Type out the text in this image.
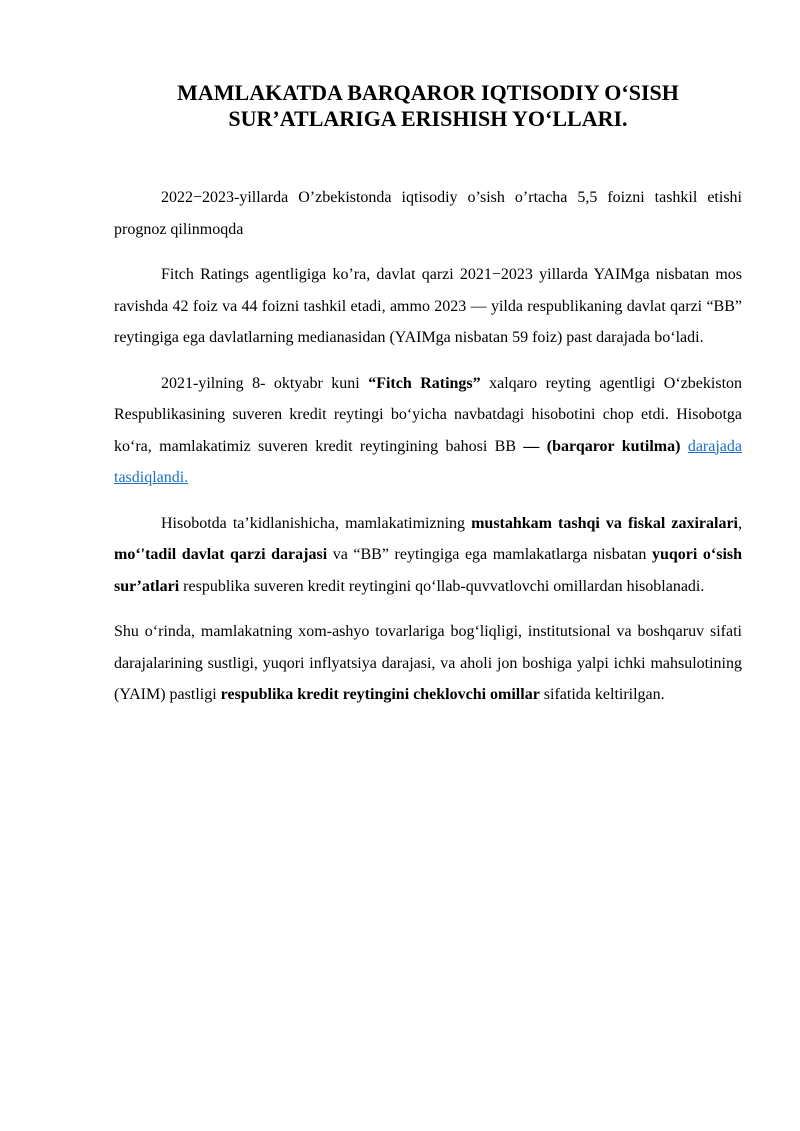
MAMLAKATDA BARQAROR IQTISODIY O‘SISH
SUR’ATLARIGA ERISHISH YO‘LLARI.

2022−2023-yillarda O’zbekistonda iqtisodiy o’sish o’rtacha 5,5 foizni tashkil etishi prognoz qilinmoqda

Fitch Ratings agentligiga ko’ra, davlat qarzi 2021−2023 yillarda YAIMga nisbatan mos ravishda 42 foiz va 44 foizni tashkil etadi, ammo 2023 — yilda respublikaning davlat qarzi “BB” reytingiga ega davlatlarning medianasidan (YAIMga nisbatan 59 foiz) past darajada bo‘ladi.

2021-yilning 8- oktyabr kuni “Fitch Ratings” xalqaro reyting agentligi O‘zbekiston Respublikasining suveren kredit reytingi bo‘yicha navbatdagi hisobotini chop etdi. Hisobotga ko‘ra, mamlakatimiz suveren kredit reytingining bahosi BB — (barqaror kutilma) darajada tasdiqlandi.

Hisobotda ta’kidlanishicha, mamlakatimizning mustahkam tashqi va fiskal zaxiralari, mo‘'tadil davlat qarzi darajasi va “BB” reytingiga ega mamlakatlarga nisbatan yuqori o‘sish sur’atlari respublika suveren kredit reytingini qo‘llab-quvvatlovchi omillardan hisoblanadi.

Shu o‘rinda, mamlakatning xom-ashyo tovarlariga bog‘liqligi, institutsional va boshqaruv sifati darajalarining sustligi, yuqori inflyatsiya darajasi, va aholi jon boshiga yalpi ichki mahsulotining (YAIM) pastligi respublika kredit reytingini cheklovchi omillar sifatida keltirilgan.
